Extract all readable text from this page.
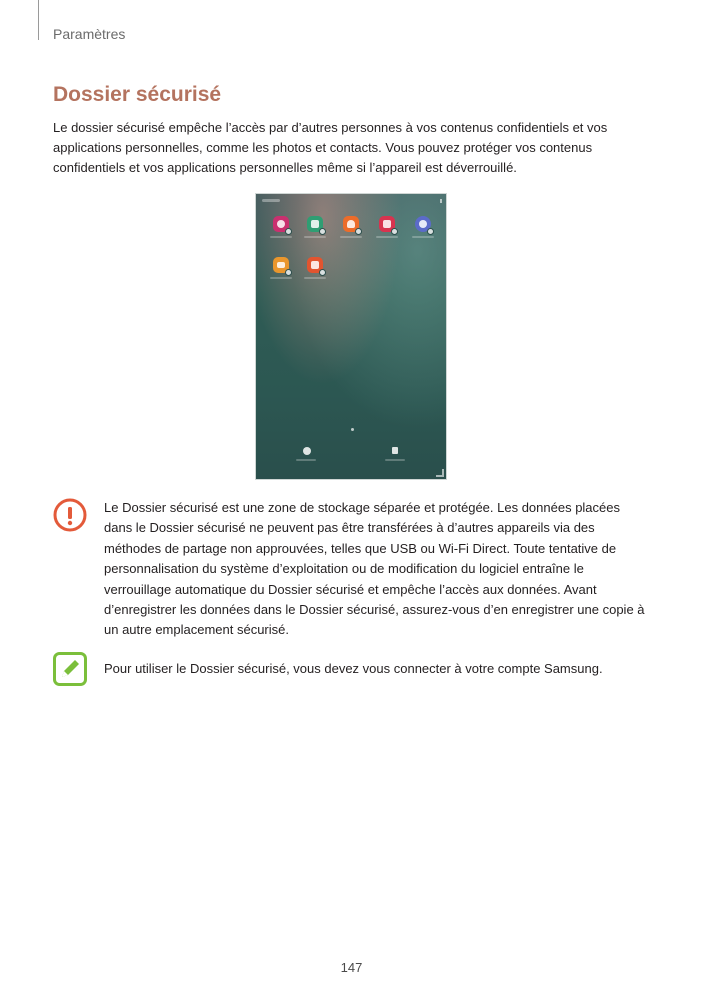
Paramètres
Dossier sécurisé

Le dossier sécurisé empêche l’accès par d’autres personnes à vos contenus confidentiels et vos applications personnelles, comme les photos et contacts. Vous pouvez protéger vos contenus confidentiels et vos applications personnelles même si l’appareil est déverrouillé.

Le Dossier sécurisé est une zone de stockage séparée et protégée. Les données placées dans le Dossier sécurisé ne peuvent pas être transférées à d’autres appareils via des méthodes de partage non approuvées, telles que USB ou Wi-Fi Direct. Toute tentative de personnalisation du système d’exploitation ou de modification du logiciel entraîne le verrouillage automatique du Dossier sécurisé et empêche l’accès aux données. Avant d’enregistrer les données dans le Dossier sécurisé, assurez-vous d’en enregistrer une copie à un autre emplacement sécurisé.

Pour utiliser le Dossier sécurisé, vous devez vous connecter à votre compte Samsung.

147
